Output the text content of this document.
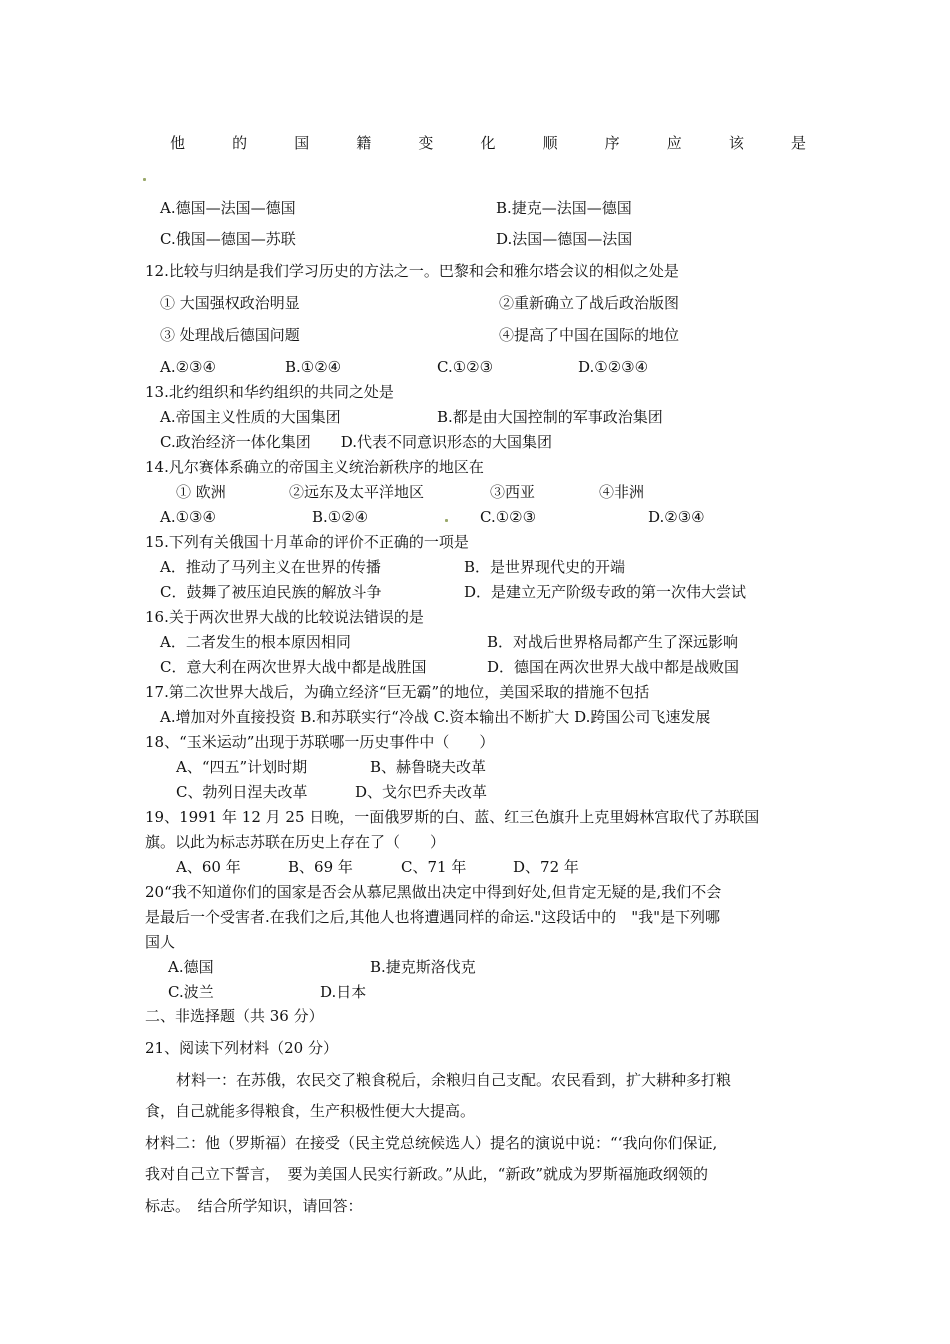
他	的	国	籍	变	化	顺	序	应	该	是
A.德国—法国—德国	B.捷克—法国—德国
C.俄国—德国—苏联	D.法国—德国—法国
12.比较与归纳是我们学习历史的方法之一。巴黎和会和雅尔塔会议的相似之处是
① 大国强权政治明显	②重新确立了战后政治版图
③ 处理战后德国问题	④提高了中国在国际的地位
A.②③④	B.①②④	C.①②③	D.①②③④
13.北约组织和华约组织的共同之处是
A.帝国主义性质的大国集团	B.都是由大国控制的军事政治集团
C.政治经济一体化集团　　D.代表不同意识形态的大国集团
14.凡尔赛体系确立的帝国主义统治新秩序的地区在
① 欧洲	②远东及太平洋地区	③西亚	④非洲
A.①③④	B.①②④	C.①②③	D.②③④
15.下列有关俄国十月革命的评价不正确的一项是
A．推动了马列主义在世界的传播	B．是世界现代史的开端
C．鼓舞了被压迫民族的解放斗争	D．是建立无产阶级专政的第一次伟大尝试
16.关于两次世界大战的比较说法错误的是
A．二者发生的根本原因相同	B．对战后世界格局都产生了深远影响
C．意大利在两次世界大战中都是战胜国	D．德国在两次世界大战中都是战败国
17.第二次世界大战后，为确立经济“巨无霸”的地位，美国采取的措施不包括
A.增加对外直接投资 B.和苏联实行“冷战 C.资本输出不断扩大 D.跨国公司飞速发展
18、“玉米运动”出现于苏联哪一历史事件中（　　）
A、“四五”计划时期	B、赫鲁晓夫改革
C、勃列日涅夫改革	D、戈尔巴乔夫改革
19、1991 年 12 月 25 日晚，一面俄罗斯的白、蓝、红三色旗升上克里姆林宫取代了苏联国
旗。以此为标志苏联在历史上存在了（　　）
A、60 年	B、69 年	C、71 年	D、72 年
20“我不知道你们的国家是否会从慕尼黑做出决定中得到好处,但肯定无疑的是,我们不会
是最后一个受害者.在我们之后,其他人也将遭遇同样的命运."这段话中的　"我"是下列哪
国人
A.德国	B.捷克斯洛伐克
C.波兰	D.日本
二、非选择题（共 36 分）
21、阅读下列材料（20 分）
材料一：在苏俄，农民交了粮食税后，余粮归自己支配。农民看到，扩大耕种多打粮
食，自己就能多得粮食，生产积极性便大大提高。
材料二：他（罗斯福）在接受（民主党总统候选人）提名的演说中说：“‘我向你们保证,
我对自己立下誓言，　要为美国人民实行新政。”从此，“新政”就成为罗斯福施政纲领的
标志。　结合所学知识，请回答：
